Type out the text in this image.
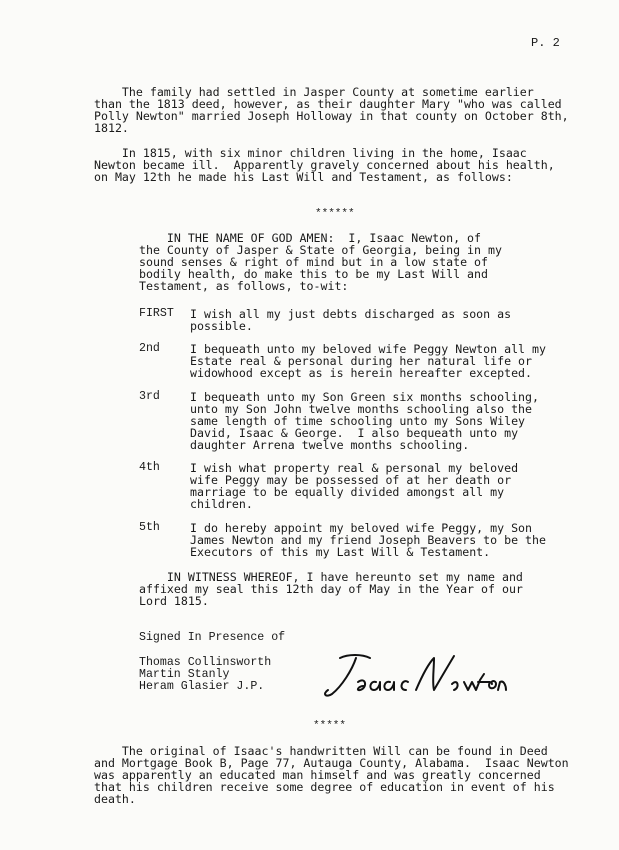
P. 2
The family had settled in Jasper County at sometime earlier
than the 1813 deed, however, as their daughter Mary "who was called
Polly Newton" married Joseph Holloway in that county on October 8th,
1812.
In 1815, with six minor children living in the home, Isaac
Newton became ill.  Apparently gravely concerned about his health,
on May 12th he made his Last Will and Testament, as follows:
******
IN THE NAME OF GOD AMEN:  I, Isaac Newton, of
the County of Jasper & State of Georgia, being in my
sound senses & right of mind but in a low state of
bodily health, do make this to be my Last Will and
Testament, as follows, to-wit:
FIRST I wish all my just debts discharged as soon as
possible.
2nd	I bequeath unto my beloved wife Peggy Newton all my
Estate real & personal during her natural life or
widowhood except as is herein hereafter excepted.
3rd	I bequeath unto my Son Green six months schooling,
unto my Son John twelve months schooling also the
same length of time schooling unto my Sons Wiley
David, Isaac & George.  I also bequeath unto my
daughter Arrena twelve months schooling.
4th	I wish what property real & personal my beloved
wife Peggy may be possessed of at her death or
marriage to be equally divided amongst all my
children.
5th	I do hereby appoint my beloved wife Peggy, my Son
James Newton and my friend Joseph Beavers to be the
Executors of this my Last Will & Testament.
IN WITNESS WHEREOF, I have hereunto set my name and
affixed my seal this 12th day of May in the Year of our
Lord 1815.
Signed In Presence of
Thomas Collinsworth
Martin Stanly
Heram Glasier J.P.
*****
The original of Isaac's handwritten Will can be found in Deed
and Mortgage Book B, Page 77, Autauga County, Alabama.  Isaac Newton
was apparently an educated man himself and was greatly concerned
that his children receive some degree of education in event of his
death.
